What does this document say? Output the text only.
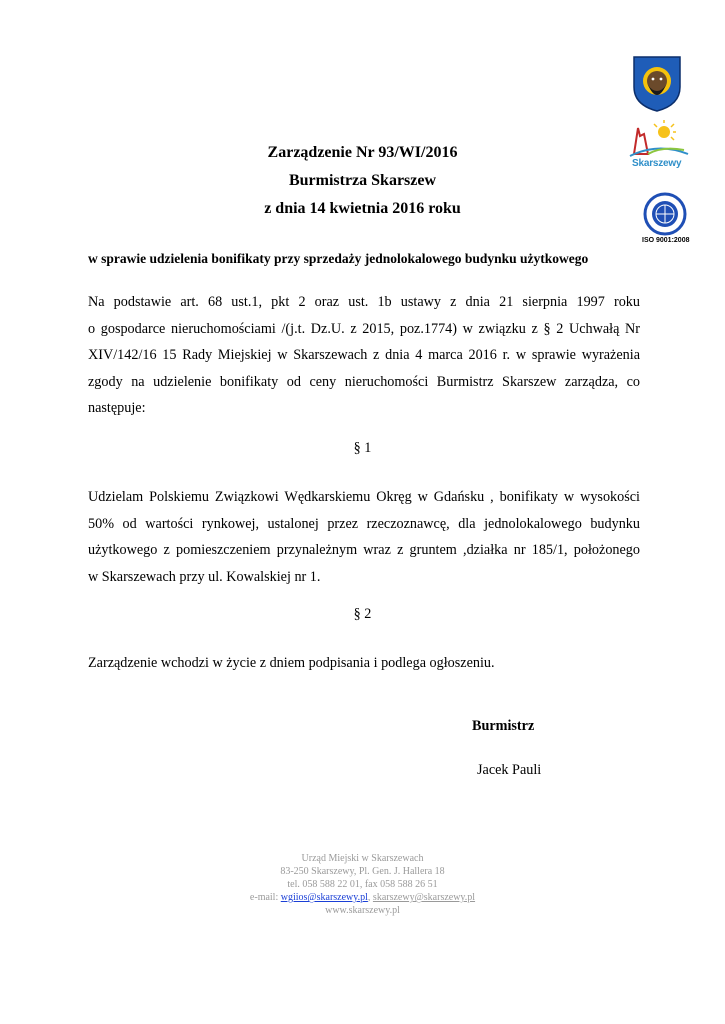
Skarszewy
ISO 9001:2008
Zarządzenie Nr 93/WI/2016
Burmistrza Skarszew
z dnia 14 kwietnia 2016 roku
w sprawie udzielenia bonifikaty przy sprzedaży jednolokalowego budynku użytkowego
Na podstawie art. 68 ust.1, pkt 2 oraz ust. 1b ustawy z dnia 21 sierpnia 1997 roku
o gospodarce nieruchomościami /(j.t. Dz.U. z 2015, poz.1774) w związku z § 2 Uchwałą Nr
XIV/142/16 15 Rady Miejskiej w Skarszewach z dnia 4 marca 2016 r. w sprawie wyrażenia
zgody na udzielenie bonifikaty od ceny nieruchomości Burmistrz Skarszew zarządza, co
następuje:
§ 1
Udzielam Polskiemu Związkowi Wędkarskiemu Okręg w Gdańsku , bonifikaty w wysokości
50% od wartości rynkowej, ustalonej przez rzeczoznawcę, dla jednolokalowego budynku
użytkowego z pomieszczeniem przynależnym wraz z gruntem ,działka nr 185/1, położonego
w Skarszewach przy ul. Kowalskiej nr 1.
§ 2
Zarządzenie wchodzi w życie z dniem podpisania i podlega ogłoszeniu.
Burmistrz
Jacek Pauli
Urząd Miejski w Skarszewach
83-250 Skarszewy, Pl. Gen. J. Hallera 18
tel. 058 588 22 01, fax 058 588 26 51
e-mail: wgiios@skarszewy.pl, skarszewy@skarszewy.pl
www.skarszewy.pl
